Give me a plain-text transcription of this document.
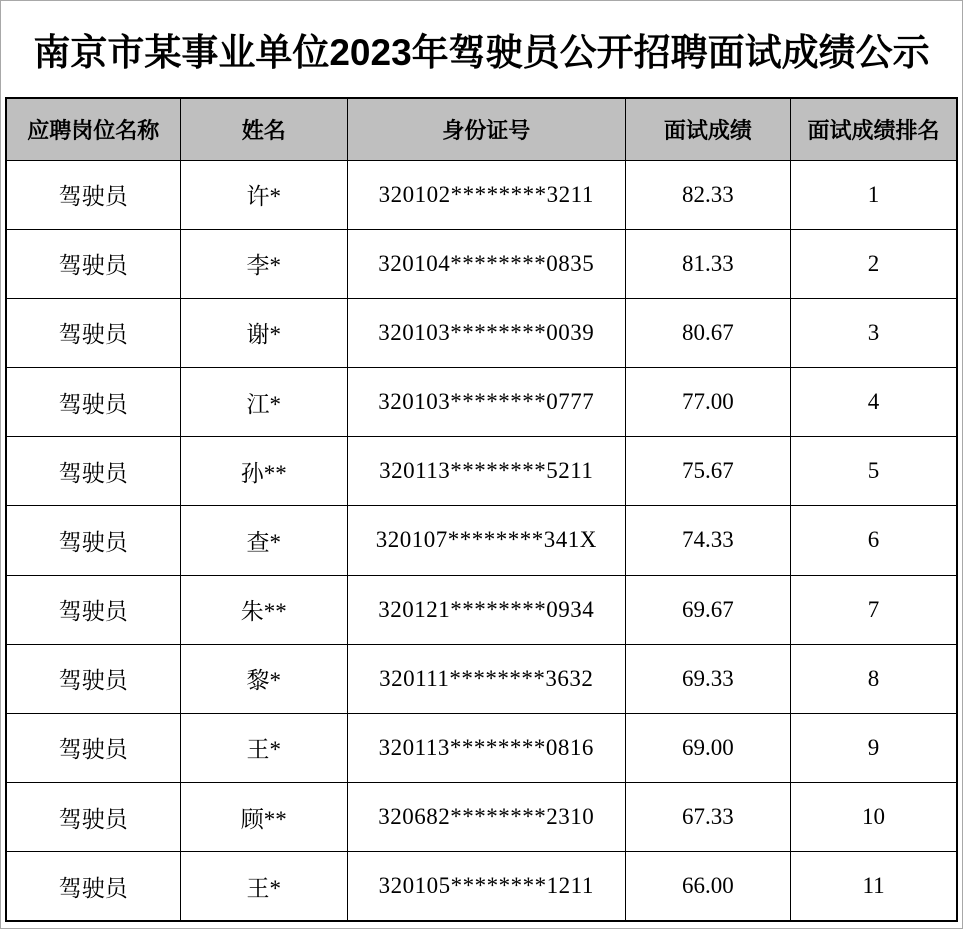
南京市某事业单位2023年驾驶员公开招聘面试成绩公示
应聘岗位名称	姓名	身份证号	面试成绩	面试成绩排名
驾驶员	许*	320102********3211	82.33	1
驾驶员	李*	320104********0835	81.33	2
驾驶员	谢*	320103********0039	80.67	3
驾驶员	江*	320103********0777	77.00	4
驾驶员	孙**	320113********5211	75.67	5
驾驶员	查*	320107********341X	74.33	6
驾驶员	朱**	320121********0934	69.67	7
驾驶员	黎*	320111********3632	69.33	8
驾驶员	王*	320113********0816	69.00	9
驾驶员	顾**	320682********2310	67.33	10
驾驶员	王*	320105********1211	66.00	11
